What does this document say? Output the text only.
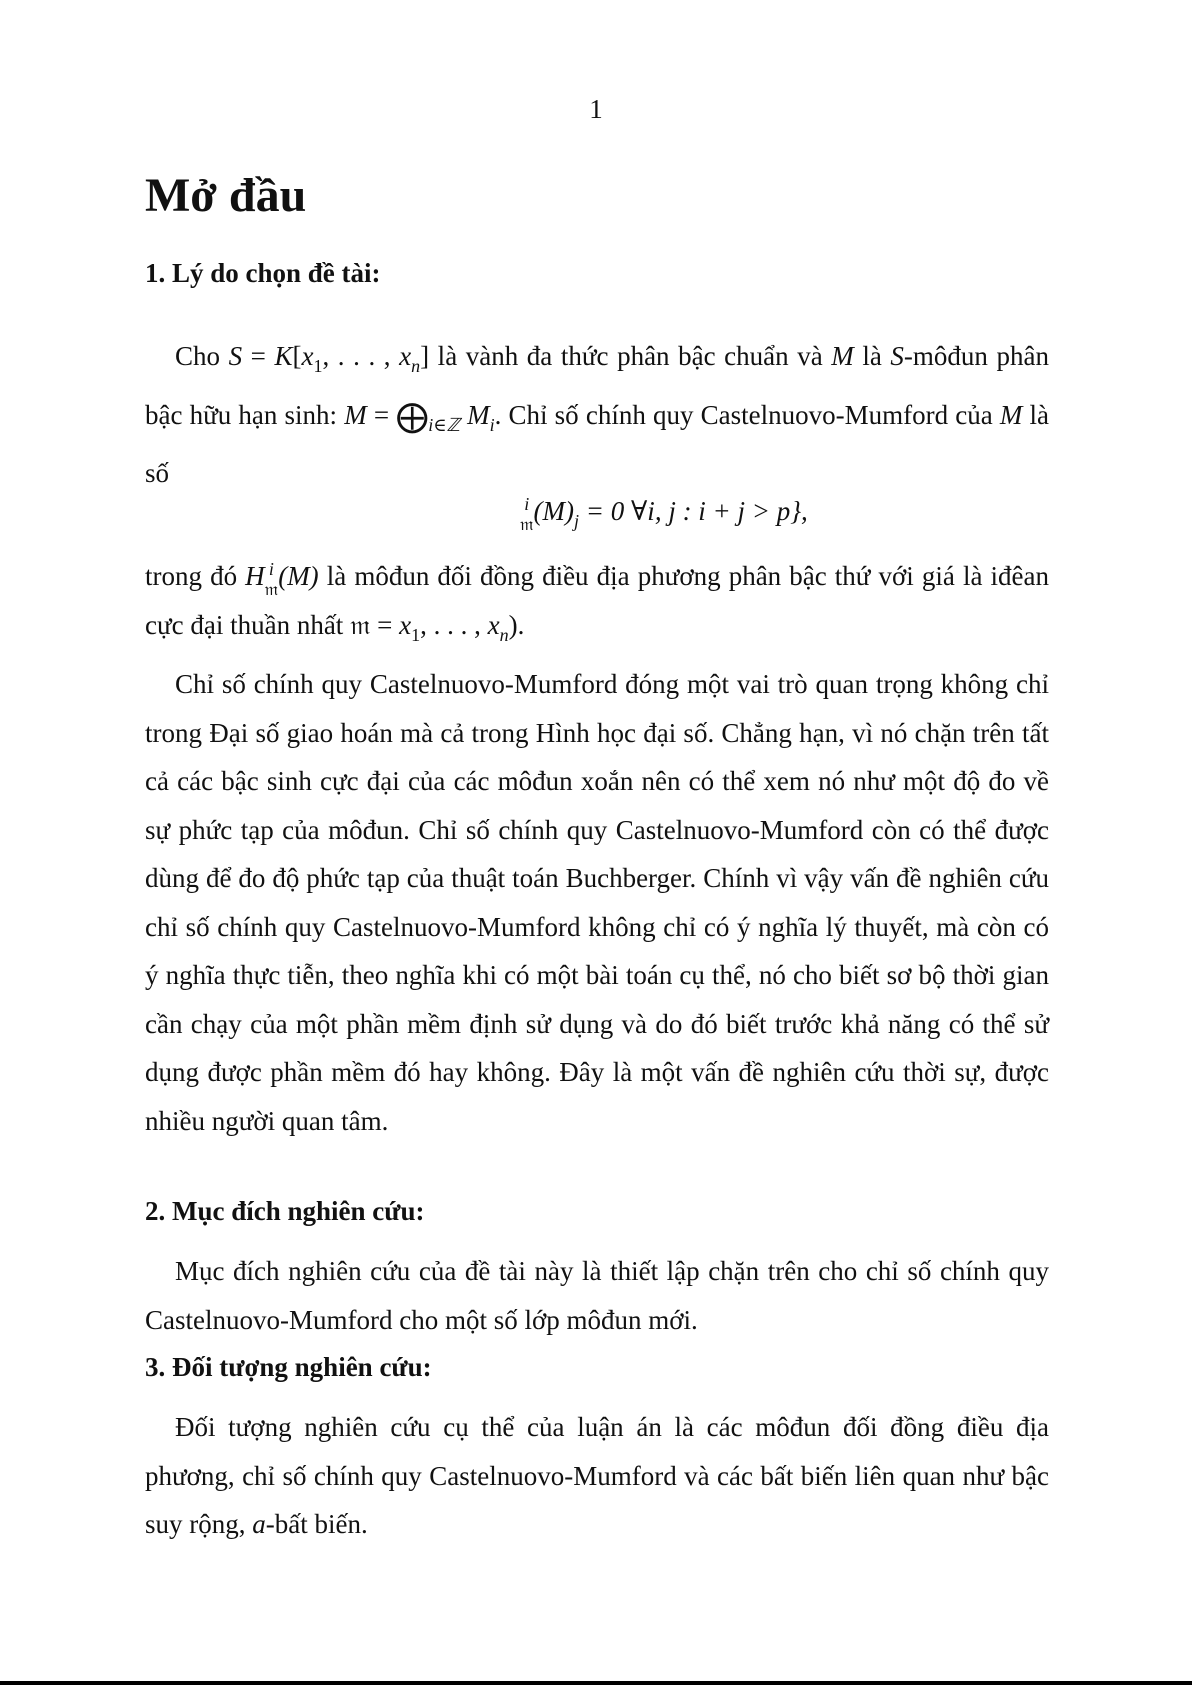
1
Mở đầu
1. Lý do chọn đề tài:

Cho $S = K[x_1$, . . . , $x_n$] là vành đa thức phân bậc chuẩn và M là S-môđun phân bậc hữu hạn sinh: $M = ⨁_{i\in ℤ}$ $M_i$. Chỉ số chính quy Castelnuovo-Mumford của M là số

i
𝔪 $(M)_j = 0$ ∀i, j : i + j > p},

trong đó H i
𝔪 (M) là môđun đối đồng điều địa phương phân bậc thứ với giá là iđêan cực đại thuần nhất 𝔪 = $x_1$, . . . , $x_n$).

Chỉ số chính quy Castelnuovo-Mumford đóng một vai trò quan trọng không chỉ trong Đại số giao hoán mà cả trong Hình học đại số. Chẳng hạn, vì nó chặn trên tất cả các bậc sinh cực đại của các môđun xoắn nên có thể xem nó như một độ đo về sự phức tạp của môđun. Chỉ số chính quy Castelnuovo-Mumford còn có thể được dùng để đo độ phức tạp của thuật toán Buchberger. Chính vì vậy vấn đề nghiên cứu chỉ số chính quy Castelnuovo-Mumford không chỉ có ý nghĩa lý thuyết, mà còn có ý nghĩa thực tiễn, theo nghĩa khi có một bài toán cụ thể, nó cho biết sơ bộ thời gian cần chạy của một phần mềm định sử dụng và do đó biết trước khả năng có thể sử dụng được phần mềm đó hay không. Đây là một vấn đề nghiên cứu thời sự, được nhiều người quan tâm.

2. Mục đích nghiên cứu:

Mục đích nghiên cứu của đề tài này là thiết lập chặn trên cho chỉ số chính quy Castelnuovo-Mumford cho một số lớp môđun mới.

3. Đối tượng nghiên cứu:

Đối tượng nghiên cứu cụ thể của luận án là các môđun đối đồng điều địa phương, chỉ số chính quy Castelnuovo-Mumford và các bất biến liên quan như bậc suy rộng, a-bất biến.
